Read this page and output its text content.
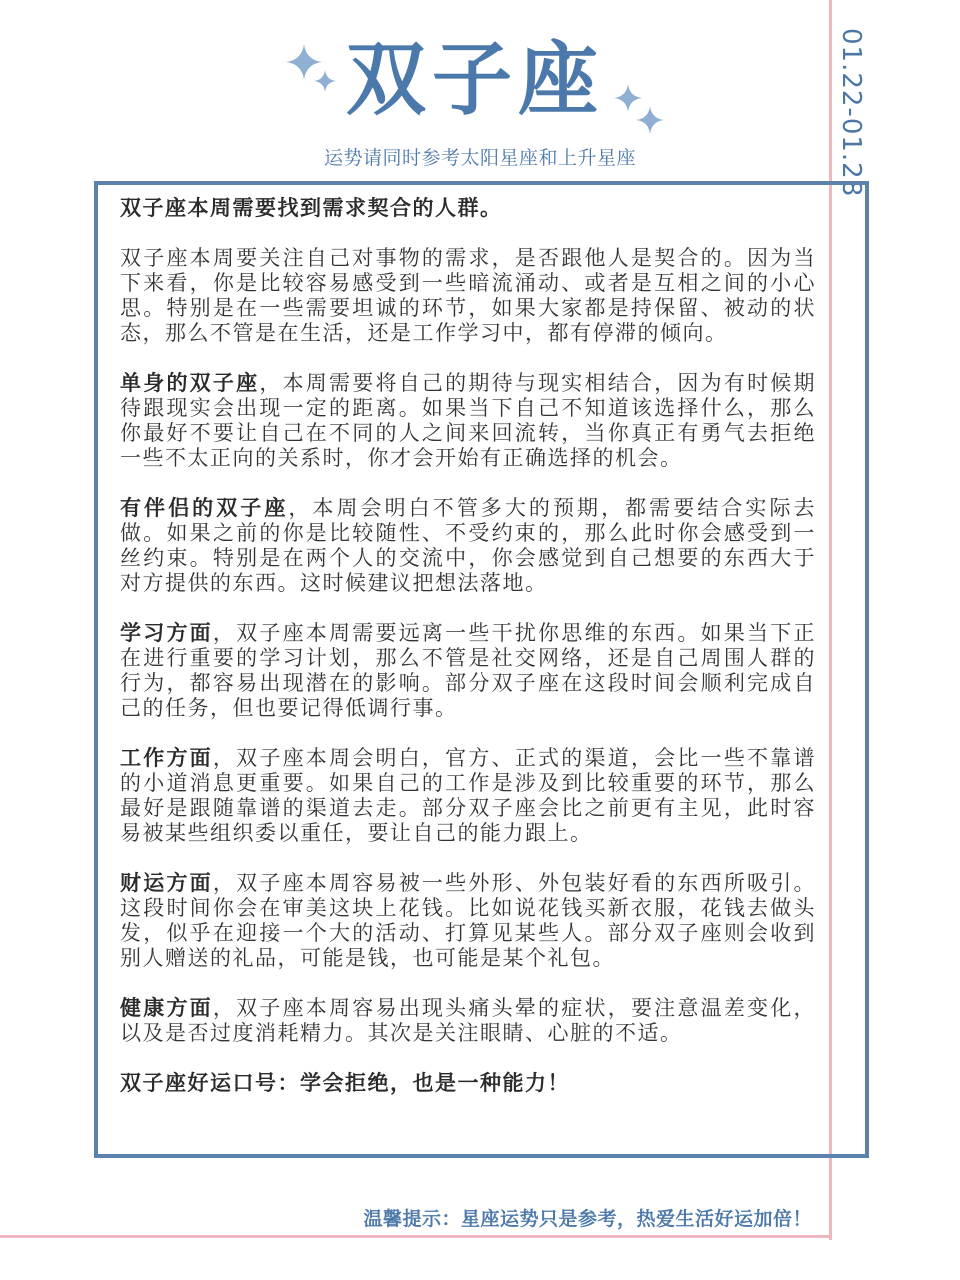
01.22-01.28
双子座
运势请同时参考太阳星座和上升星座

双子座本周需要找到需求契合的人群。

双子座本周要关注自己对事物的需求，是否跟他人是契合的。因为当下来看，你是比较容易感受到一些暗流涌动、或者是互相之间的小心思。特别是在一些需要坦诚的环节，如果大家都是持保留、被动的状态，那么不管是在生活，还是工作学习中，都有停滞的倾向。

单身的双子座，本周需要将自己的期待与现实相结合，因为有时候期待跟现实会出现一定的距离。如果当下自己不知道该选择什么，那么你最好不要让自己在不同的人之间来回流转，当你真正有勇气去拒绝一些不太正向的关系时，你才会开始有正确选择的机会。

有伴侣的双子座，本周会明白不管多大的预期，都需要结合实际去做。如果之前的你是比较随性、不受约束的，那么此时你会感受到一丝约束。特别是在两个人的交流中，你会感觉到自己想要的东西大于对方提供的东西。这时候建议把想法落地。

学习方面，双子座本周需要远离一些干扰你思维的东西。如果当下正在进行重要的学习计划，那么不管是社交网络，还是自己周围人群的行为，都容易出现潜在的影响。部分双子座在这段时间会顺利完成自己的任务，但也要记得低调行事。

工作方面，双子座本周会明白，官方、正式的渠道，会比一些不靠谱的小道消息更重要。如果自己的工作是涉及到比较重要的环节，那么最好是跟随靠谱的渠道去走。部分双子座会比之前更有主见，此时容易被某些组织委以重任，要让自己的能力跟上。

财运方面，双子座本周容易被一些外形、外包装好看的东西所吸引。这段时间你会在审美这块上花钱。比如说花钱买新衣服，花钱去做头发，似乎在迎接一个大的活动、打算见某些人。部分双子座则会收到别人赠送的礼品，可能是钱，也可能是某个礼包。

健康方面，双子座本周容易出现头痛头晕的症状，要注意温差变化，以及是否过度消耗精力。其次是关注眼睛、心脏的不适。

双子座好运口号：学会拒绝，也是一种能力！

温馨提示：星座运势只是参考，热爱生活好运加倍！
